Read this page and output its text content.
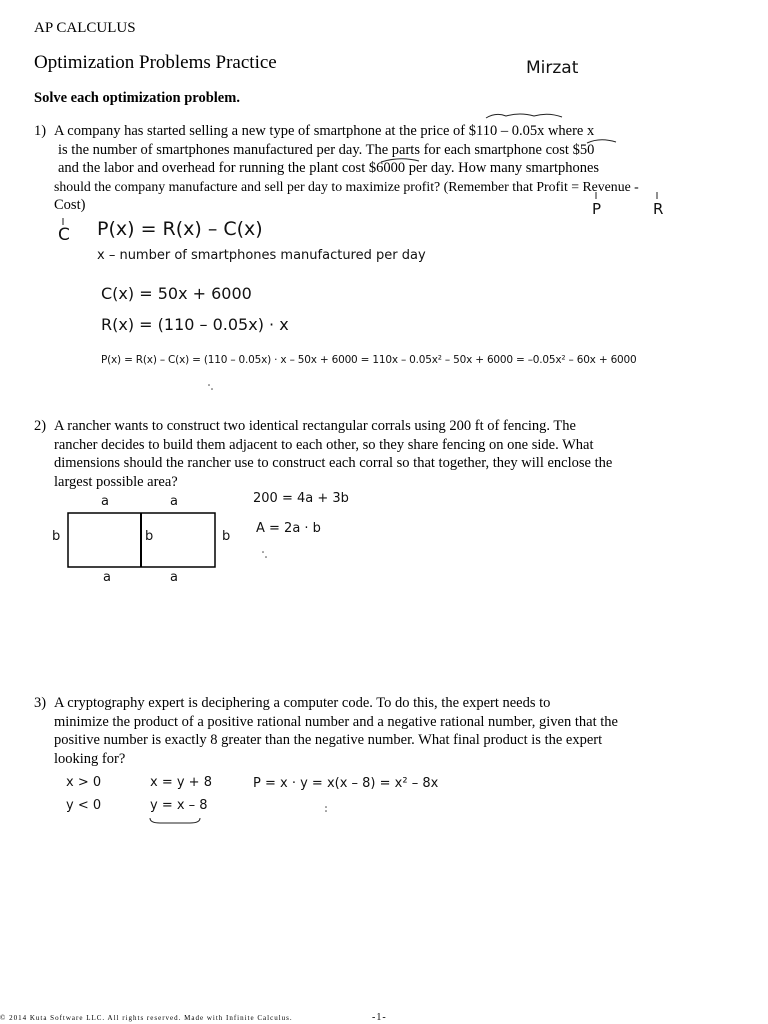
AP CALCULUS
Optimization Problems Practice	Mirzat
Solve each optimization problem.
1) A company has started selling a new type of smartphone at the price of $110 – 0.05x where x
is the number of smartphones manufactured per day. The parts for each smartphone cost $50
and the labor and overhead for running the plant cost $6000 per day. How many smartphones
should the company manufacture and sell per day to maximize profit? (Remember that Profit = Revenue -
Cost)	P	R
C P(x) = R(x) – C(x)
x – number of smartphones manufactured per day
C(x) = 50x + 6000
R(x) = (110 – 0.05x) · x
P(x) = R(x) – C(x) = (110 – 0.05x) · x – 50x + 6000 = 110x – 0.05x² – 50x + 6000 = –0.05x² – 60x + 6000
2) A rancher wants to construct two identical rectangular corrals using 200 ft of fencing. The
rancher decides to build them adjacent to each other, so they share fencing on one side. What
dimensions should the rancher use to construct each corral so that together, they will enclose the
largest possible area?
a	a
a	a
b	b	b
200 = 4a + 3b
A = 2a · b
3) A cryptography expert is deciphering a computer code. To do this, the expert needs to
minimize the product of a positive rational number and a negative rational number, given that the
positive number is exactly 8 greater than the negative number. What final product is the expert
looking for?
x > 0
y < 0
x = y + 8
y = x – 8
P = x · y = x(x – 8) = x² – 8x
© 2014 Kuta Software LLC. All rights reserved. Made with Infinite Calculus.	-1-
